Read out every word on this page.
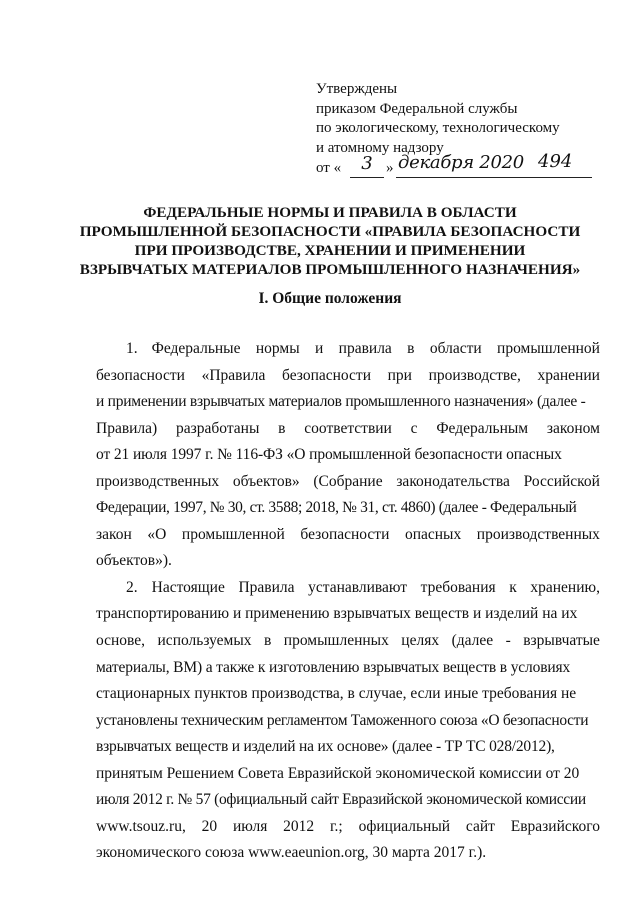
Утверждены
приказом Федеральной службы
по экологическому, технологическому
и атомному надзору
от «	3 » декабря 2020 494
ФЕДЕРАЛЬНЫЕ НОРМЫ И ПРАВИЛА В ОБЛАСТИ
ПРОМЫШЛЕННОЙ БЕЗОПАСНОСТИ «ПРАВИЛА БЕЗОПАСНОСТИ
ПРИ ПРОИЗВОДСТВЕ, ХРАНЕНИИ И ПРИМЕНЕНИИ
ВЗРЫВЧАТЫХ МАТЕРИАЛОВ ПРОМЫШЛЕННОГО НАЗНАЧЕНИЯ»
I. Общие положения
1. Федеральные нормы и правила в области промышленной
безопасности «Правила безопасности при производстве, хранении
и применении взрывчатых материалов промышленного назначения» (далее -
Правила) разработаны в соответствии с Федеральным законом
от 21 июля 1997 г. № 116-ФЗ «О промышленной безопасности опасных
производственных объектов» (Собрание законодательства Российской
Федерации, 1997, № 30, ст. 3588; 2018, № 31, ст. 4860) (далее - Федеральный
закон «О промышленной безопасности опасных производственных
объектов»).
2. Настоящие Правила устанавливают требования к хранению,
транспортированию и применению взрывчатых веществ и изделий на их
основе, используемых в промышленных целях (далее - взрывчатые
материалы, ВМ) а также к изготовлению взрывчатых веществ в условиях
стационарных пунктов производства, в случае, если иные требования не
установлены техническим регламентом Таможенного союза «О безопасности
взрывчатых веществ и изделий на их основе» (далее - ТР ТС 028/2012),
принятым Решением Совета Евразийской экономической комиссии от 20
июля 2012 г. № 57 (официальный сайт Евразийской экономической комиссии
www.tsouz.ru, 20 июля 2012 г.; официальный сайт Евразийского
экономического союза www.eaeunion.org, 30 марта 2017 г.).
